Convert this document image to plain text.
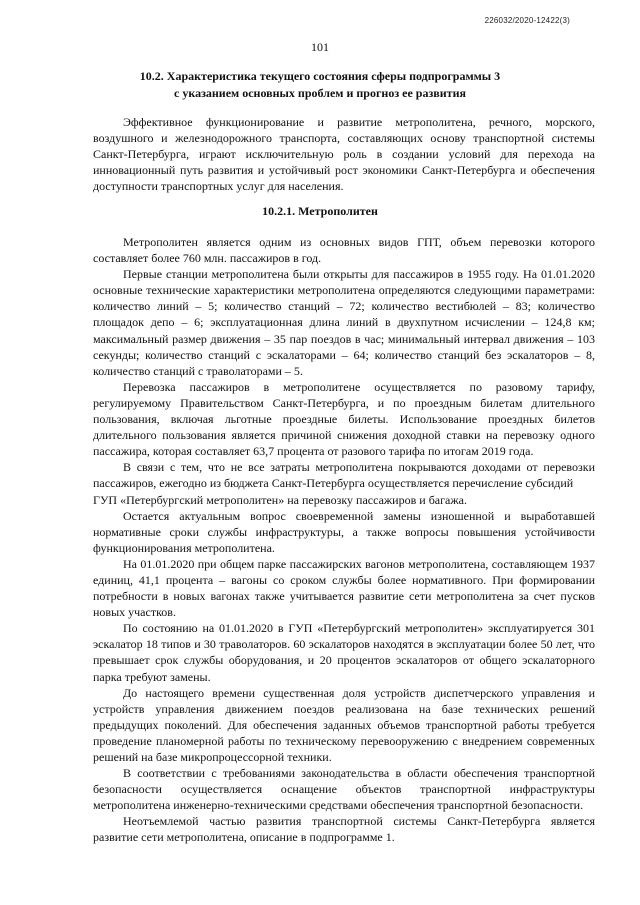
226032/2020-12422(3)
101
10.2. Характеристика текущего состояния сферы подпрограммы 3
с указанием основных проблем и прогноз ее развития

Эффективное функционирование и развитие метрополитена, речного, морского, воздушного и железнодорожного транспорта, составляющих основу транспортной системы Санкт-Петербурга, играют исключительную роль в создании условий для перехода на инновационный путь развития и устойчивый рост экономики Санкт-Петербурга и обеспечения доступности транспортных услуг для населения.

10.2.1. Метрополитен

Метрополитен является одним из основных видов ГПТ, объем перевозки которого составляет более 760 млн. пассажиров в год.

Первые станции метрополитена были открыты для пассажиров в 1955 году. На 01.01.2020 основные технические характеристики метрополитена определяются следующими параметрами: количество линий – 5; количество станций – 72; количество вестибюлей – 83; количество площадок депо – 6; эксплуатационная длина линий в двухпутном исчислении – 124,8 км; максимальный размер движения – 35 пар поездов в час; минимальный интервал движения – 103 секунды; количество станций с эскалаторами – 64; количество станций без эскалаторов – 8, количество станций с траволаторами – 5.

Перевозка пассажиров в метрополитене осуществляется по разовому тарифу, регулируемому Правительством Санкт-Петербурга, и по проездным билетам длительного пользования, включая льготные проездные билеты. Использование проездных билетов длительного пользования является причиной снижения доходной ставки на перевозку одного пассажира, которая составляет 63,7 процента от разового тарифа по итогам 2019 года.

В связи с тем, что не все затраты метрополитена покрываются доходами от перевозки пассажиров, ежегодно из бюджета Санкт-Петербурга осуществляется перечисление субсидий

ГУП «Петербургский метрополитен» на перевозку пассажиров и багажа.

Остается актуальным вопрос своевременной замены изношенной и выработавшей нормативные сроки службы инфраструктуры, а также вопросы повышения устойчивости функционирования метрополитена.

На 01.01.2020 при общем парке пассажирских вагонов метрополитена, составляющем 1937 единиц, 41,1 процента – вагоны со сроком службы более нормативного. При формировании потребности в новых вагонах также учитывается развитие сети метрополитена за счет пусков новых участков.

По состоянию на 01.01.2020 в ГУП «Петербургский метрополитен» эксплуатируется 301 эскалатор 18 типов и 30 траволаторов. 60 эскалаторов находятся в эксплуатации более 50 лет, что превышает срок службы оборудования, и 20 процентов эскалаторов от общего эскалаторного парка требуют замены.

До настоящего времени существенная доля устройств диспетчерского управления и устройств управления движением поездов реализована на базе технических решений предыдущих поколений. Для обеспечения заданных объемов транспортной работы требуется проведение планомерной работы по техническому перевооружению с внедрением современных решений на базе микропроцессорной техники.

В соответствии с требованиями законодательства в области обеспечения транспортной безопасности осуществляется оснащение объектов транспортной инфраструктуры метрополитена инженерно-техническими средствами обеспечения транспортной безопасности.

Неотъемлемой частью развития транспортной системы Санкт-Петербурга является развитие сети метрополитена, описание в подпрограмме 1.
